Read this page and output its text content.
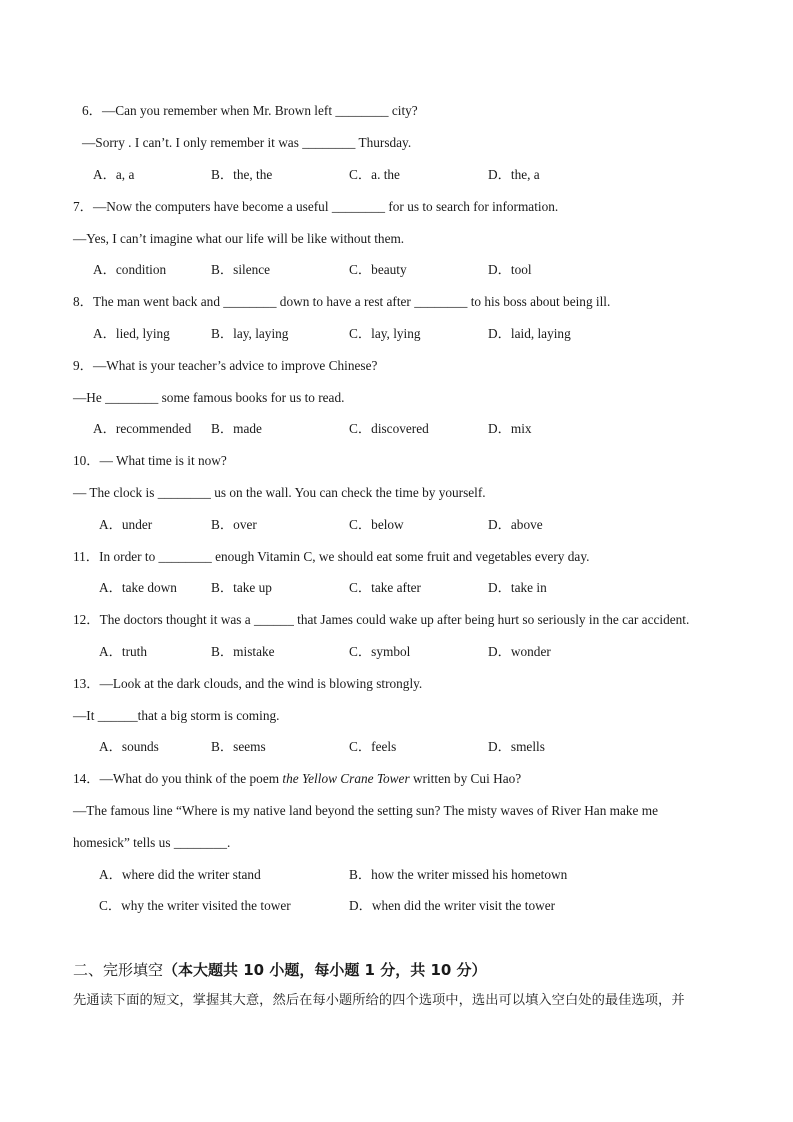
6．—Can you remember when Mr. Brown left ________ city?
—Sorry . I can’t. I only remember it was ________ Thursday.
A．a, a	B．the, the	C．a. the	D．the, a
7．—Now the computers have become a useful ________ for us to search for information.
—Yes, I can’t imagine what our life will be like without them.
A．condition	B．silence	C．beauty	D．tool
8．The man went back and ________ down to have a rest after ________ to his boss about being ill.
A．lied, lying	B．lay, laying	C．lay, lying	D．laid, laying
9．—What is your teacher’s advice to improve Chinese?
—He ________ some famous books for us to read.
A．recommended B．made	C．discovered	D．mix
10．— What time is it now?
— The clock is ________ us on the wall. You can check the time by yourself.
A．under	B．over	C．below	D．above
11．In order to ________ enough Vitamin C, we should eat some fruit and vegetables every day.
A．take down	B．take up	C．take after	D．take in
12．The doctors thought it was a ______ that James could wake up after being hurt so seriously in the car accident.
A．truth	B．mistake	C．symbol	D．wonder
13．—Look at the dark clouds, and the wind is blowing strongly.
—It ______that a big storm is coming.
A．sounds	B．seems	C．feels	D．smells
14．—What do you think of the poem the Yellow Crane Tower written by Cui Hao?
—The famous line “Where is my native land beyond the setting sun? The misty waves of River Han make me
homesick” tells us ________.
A．where did the writer stand	B．how the writer missed his hometown
C．why the writer visited the tower	D．when did the writer visit the tower
二、完形填空（本大题共 10 小题，每小题 1 分，共 10 分）
先通读下面的短文，掌握其大意，然后在每小题所给的四个选项中，选出可以填入空白处的最佳选项，并
